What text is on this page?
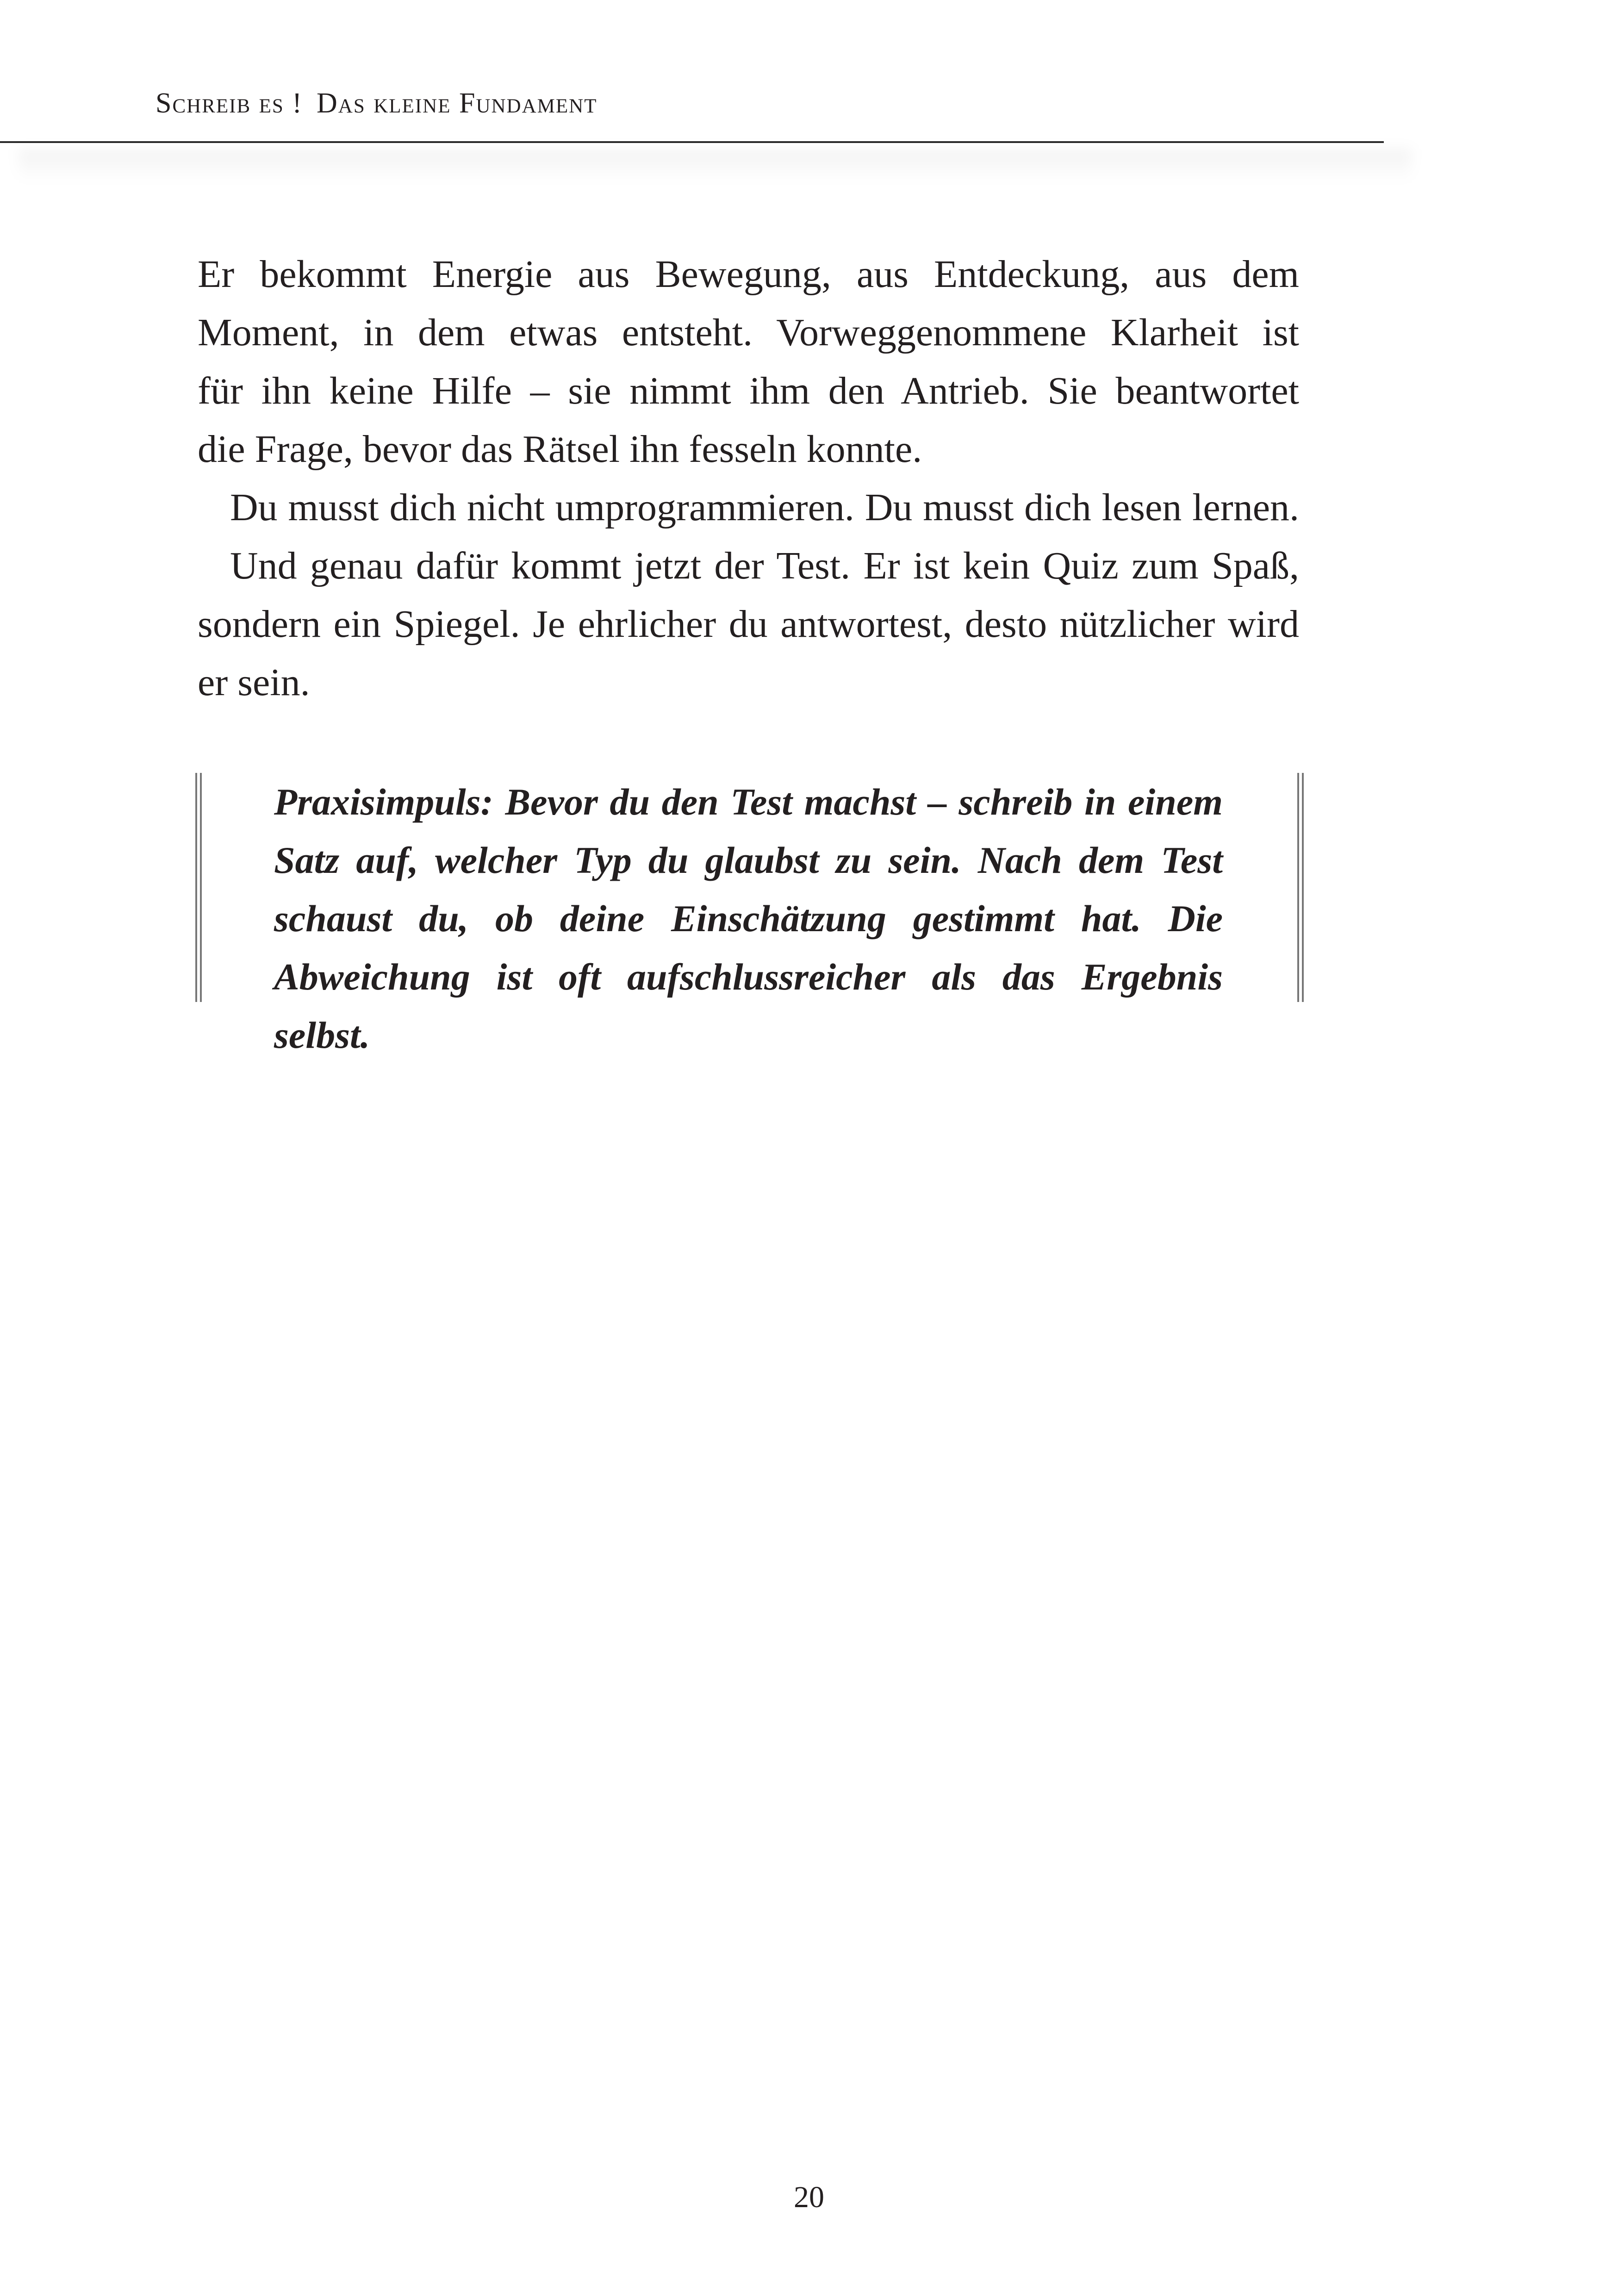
Schreib es ! Das kleine Fundament
Er bekommt Energie aus Bewegung, aus Entdeckung, aus dem
Moment, in dem etwas entsteht. Vorweggenommene Klarheit ist
für ihn keine Hilfe – sie nimmt ihm den Antrieb. Sie beantwortet
die Frage, bevor das Rätsel ihn fesseln konnte.
Du musst dich nicht umprogrammieren. Du musst dich lesen lernen.
Und genau dafür kommt jetzt der Test. Er ist kein Quiz zum Spaß,
sondern ein Spiegel. Je ehrlicher du antwortest, desto nützlicher wird
er sein.
Praxisimpuls: Bevor du den Test machst – schreib in einem
Satz auf, welcher Typ du glaubst zu sein. Nach dem Test
schaust du, ob deine Einschätzung gestimmt hat. Die
Abweichung ist oft aufschlussreicher als das Ergebnis selbst.
20
